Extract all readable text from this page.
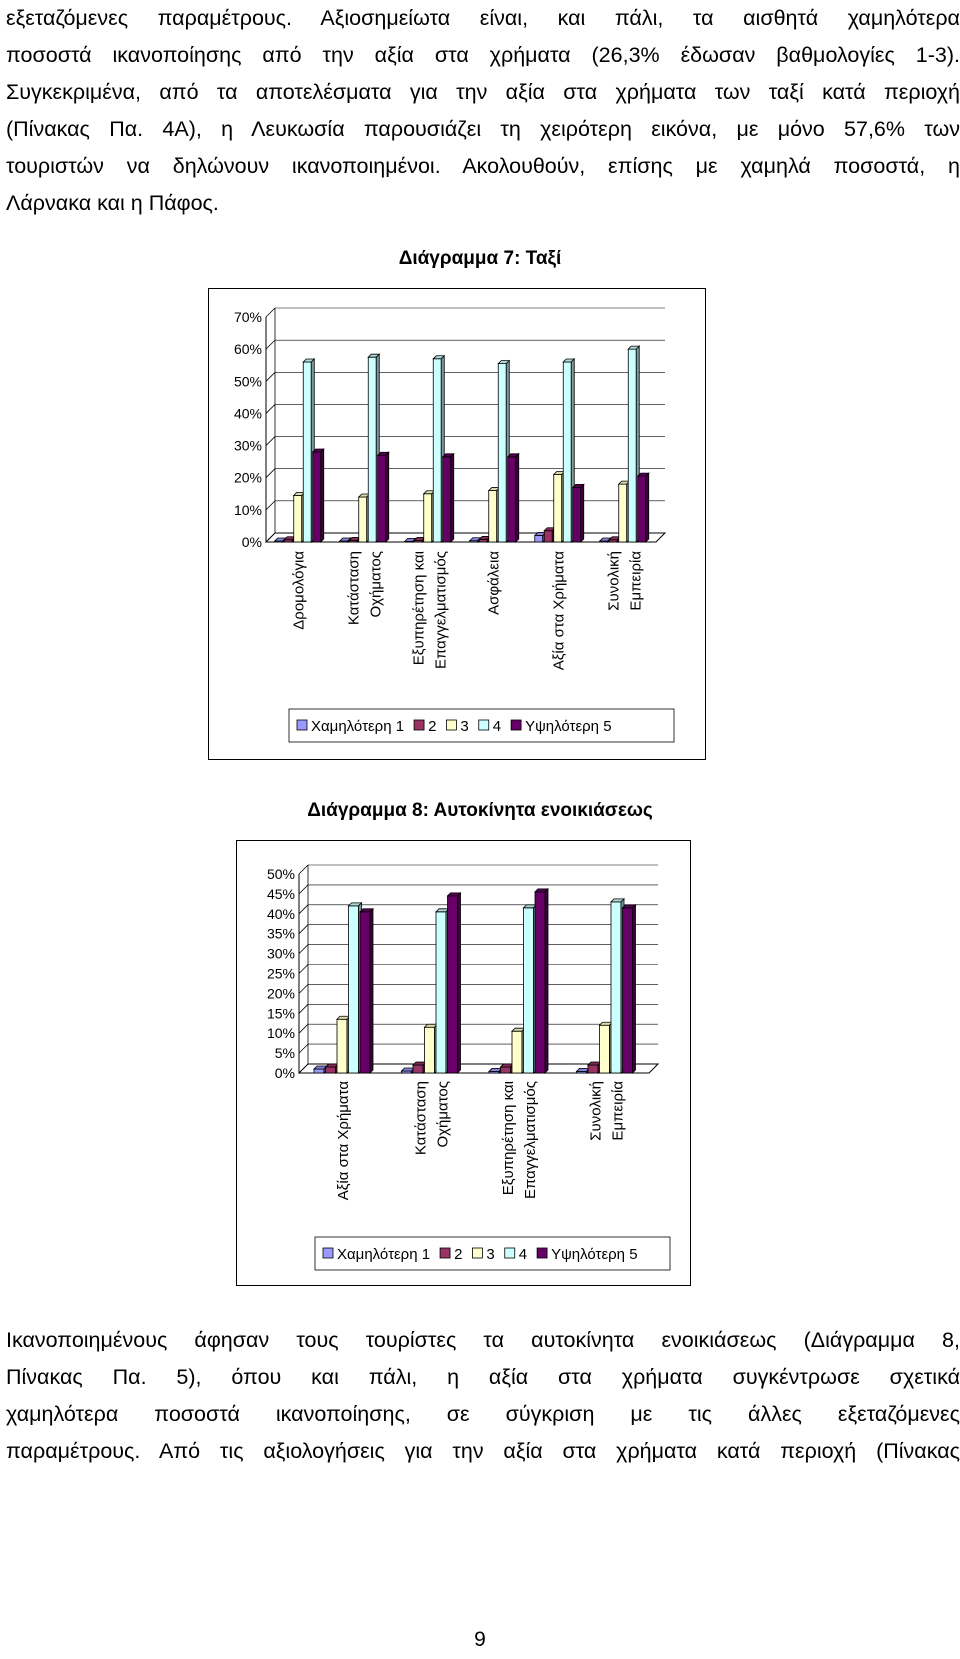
εξεταζόμενες παραμέτρους. Αξιοσημείωτα είναι, και πάλι, τα αισθητά χαμηλότερα
ποσοστά ικανοποίησης από την αξία στα χρήματα (26,3% έδωσαν βαθμολογίες 1-3).
Συγκεκριμένα, από τα αποτελέσματα για την αξία στα χρήματα των ταξί κατά περιοχή
(Πίνακας Πα. 4Α), η Λευκωσία παρουσιάζει τη χειρότερη εικόνα, με μόνο 57,6% των
τουριστών να δηλώνουν ικανοποιημένοι. Ακολουθούν, επίσης με χαμηλά ποσοστά, η
Λάρνακα και η Πάφος.
Διάγραμμα 7: Ταξί
0%
10%
20%
30%
40%
50%
60%
70%
Δρομολόγια	Κατάσταση Οχήματος Εξυπηρέτηση και Επαγγελματισμός Ασφάλεια	Αξία στα Χρήματα	Συνολική Εμπειρία
Χαμηλότερη 1 2 3 4 Υψηλότερη 5
Διάγραμμα 8: Αυτοκίνητα ενοικιάσεως
0%
5%
10%
15%
20%
25%
30%
35%
40%
45%
50%
Αξία στα Χρήματα	Κατάσταση Οχήματος	Εξυπηρέτηση και Επαγγελματισμός	Συνολική Εμπειρία
Χαμηλότερη 1 2 3 4 Υψηλότερη 5
Ικανοποιημένους άφησαν τους τουρίστες τα αυτοκίνητα ενοικιάσεως (Διάγραμμα 8,
Πίνακας Πα. 5), όπου και πάλι, η αξία στα χρήματα συγκέντρωσε σχετικά
χαμηλότερα ποσοστά ικανοποίησης, σε σύγκριση με τις άλλες εξεταζόμενες
παραμέτρους. Από τις αξιολογήσεις για την αξία στα χρήματα κατά περιοχή (Πίνακας
9
